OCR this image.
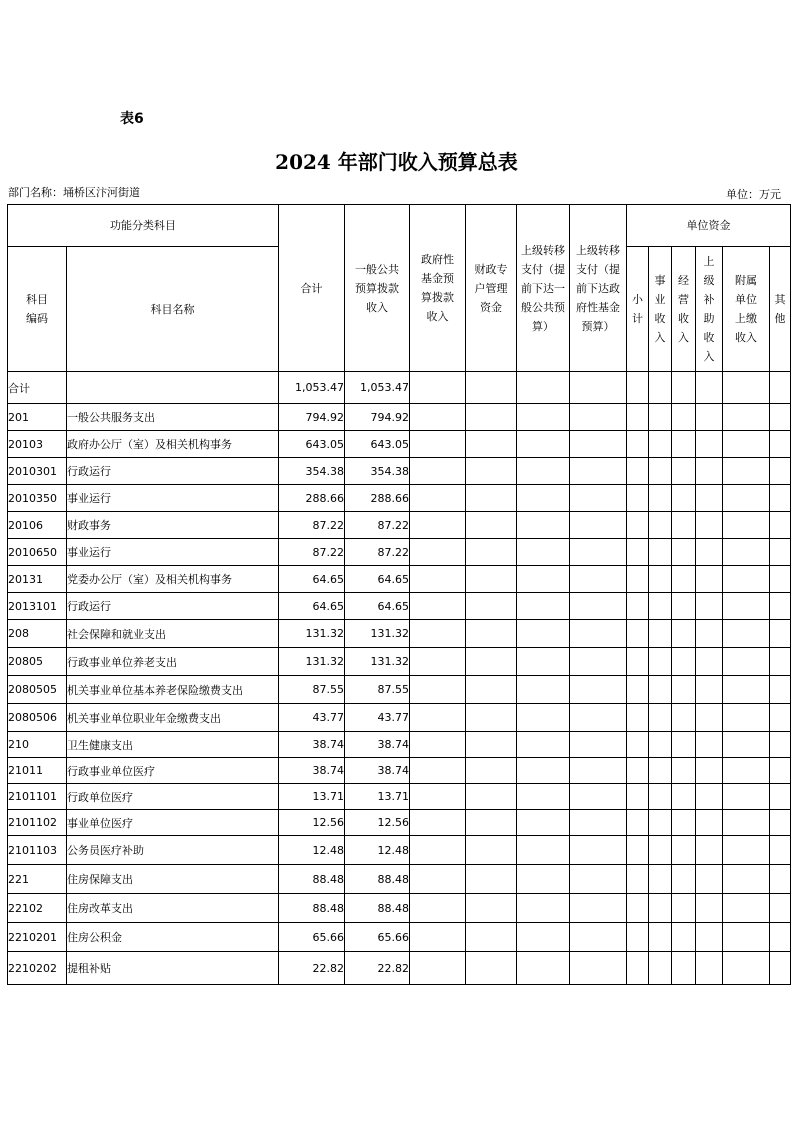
表6
2024 年部门收入预算总表
部门名称：埇桥区汴河街道	单位：万元
功能分类科目		合计	一般公共预算拨款收入	政府性基金预算拨款收入	财政专户管理资金	上级转移支付（提前下达一般公共预算）	上级转移支付（提前下达政府性基金预算）	单位资金					

科目编码	科目名称							小计	事业收入	经营收入	上级补助收入	附属单位上缴收入	其他
合计		1,053.47	1,053.47										
201	一般公共服务支出	794.92	794.92										
20103	政府办公厅（室）及相关机构事务	643.05	643.05										
2010301	行政运行	354.38	354.38										
2010350	事业运行	288.66	288.66										
20106	财政事务	87.22	87.22										
2010650	事业运行	87.22	87.22										
20131	党委办公厅（室）及相关机构事务	64.65	64.65										
2013101	行政运行	64.65	64.65										
208	社会保障和就业支出	131.32	131.32										
20805	行政事业单位养老支出	131.32	131.32										
2080505	机关事业单位基本养老保险缴费支出	87.55	87.55										
2080506	机关事业单位职业年金缴费支出	43.77	43.77										
210	卫生健康支出	38.74	38.74										
21011	行政事业单位医疗	38.74	38.74										
2101101	行政单位医疗	13.71	13.71										
2101102	事业单位医疗	12.56	12.56										
2101103	公务员医疗补助	12.48	12.48										
221	住房保障支出	88.48	88.48										
22102	住房改革支出	88.48	88.48										
2210201	住房公积金	65.66	65.66										
2210202	提租补贴	22.82	22.82										
